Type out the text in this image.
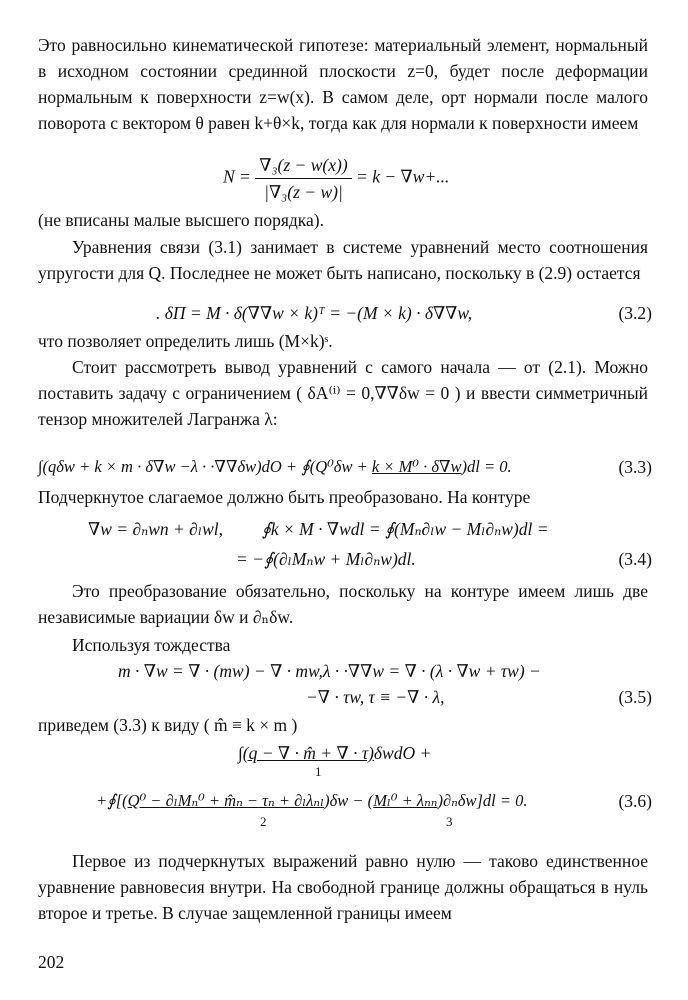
Это равносильно кинематической гипотезе: материальный элемент, нормальный в исходном состоянии срединной плоскости z=0, будет после деформации нормальным к поверхности z=w(x). В самом деле, орт нормали после малого поворота с вектором θ равен k+θ×k, тогда как для нормали к поверхности имеем

$N = \frac{\text{∇₃(z − w(x))}}{\text{|∇₃(z − w)|}} = k - \nabla w+$...

(не вписаны малые высшего порядка).

Уравнения связи (3.1) занимает в системе уравнений место соотношения упругости для Q. Последнее не может быть написано, поскольку в (2.9) остается

. δΠ = M · δ(∇∇w × k)ᵀ = −(M × k) · δ∇∇w,	(3.2)

что позволяет определить лишь (M×k)ˢ.

Стоит рассмотреть вывод уравнений с самого начала — от (2.1). Можно поставить задачу с ограничением ( δA⁽ⁱ⁾ = 0,∇∇δw = 0 ) и ввести симметричный тензор множителей Лагранжа λ:

∫(qδw + k × m · δ∇w −λ · ·∇∇δw)dO + ∮(Q⁰δw + k × M⁰ · δ∇w)dl = 0.	(3.3)

Подчеркнутое слагаемое должно быть преобразовано. На контуре

∇w = ∂ₙwn + ∂ₗwl, ∮k × M · ∇wdl = ∮(Mₙ∂ₗw − Mₗ∂ₙw)dl =
= −∮(∂ₗMₙw + Mₗ∂ₙw)dl.	(3.4)

Это преобразование обязательно, поскольку на контуре имеем лишь две независимые вариации δw и ∂ₙδw.

Используя тождества

m · ∇w = ∇ · (mw) − ∇ · mw,λ · ·∇∇w = ∇ · (λ · ∇w + τw) −
−∇ · τw, τ ≡ −∇ · λ,	(3.5)

приведем (3.3) к виду ( m̂ ≡ k × m )

∫(q − ∇ · m̂ + ∇ · τ)δwdO +
1
+∮[(Q⁰ − ∂ₗMₙ⁰ + m̂ₙ − τₙ + ∂ₗλₙₗ)δw − (Mₗ⁰ + λₙₙ)∂ₙδw]dl = 0.	(3.6)
2	3

Первое из подчеркнутых выражений равно нулю — таково единственное уравнение равновесия внутри. На свободной границе должны обращаться в нуль второе и третье. В случае защемленной границы имеем

202
